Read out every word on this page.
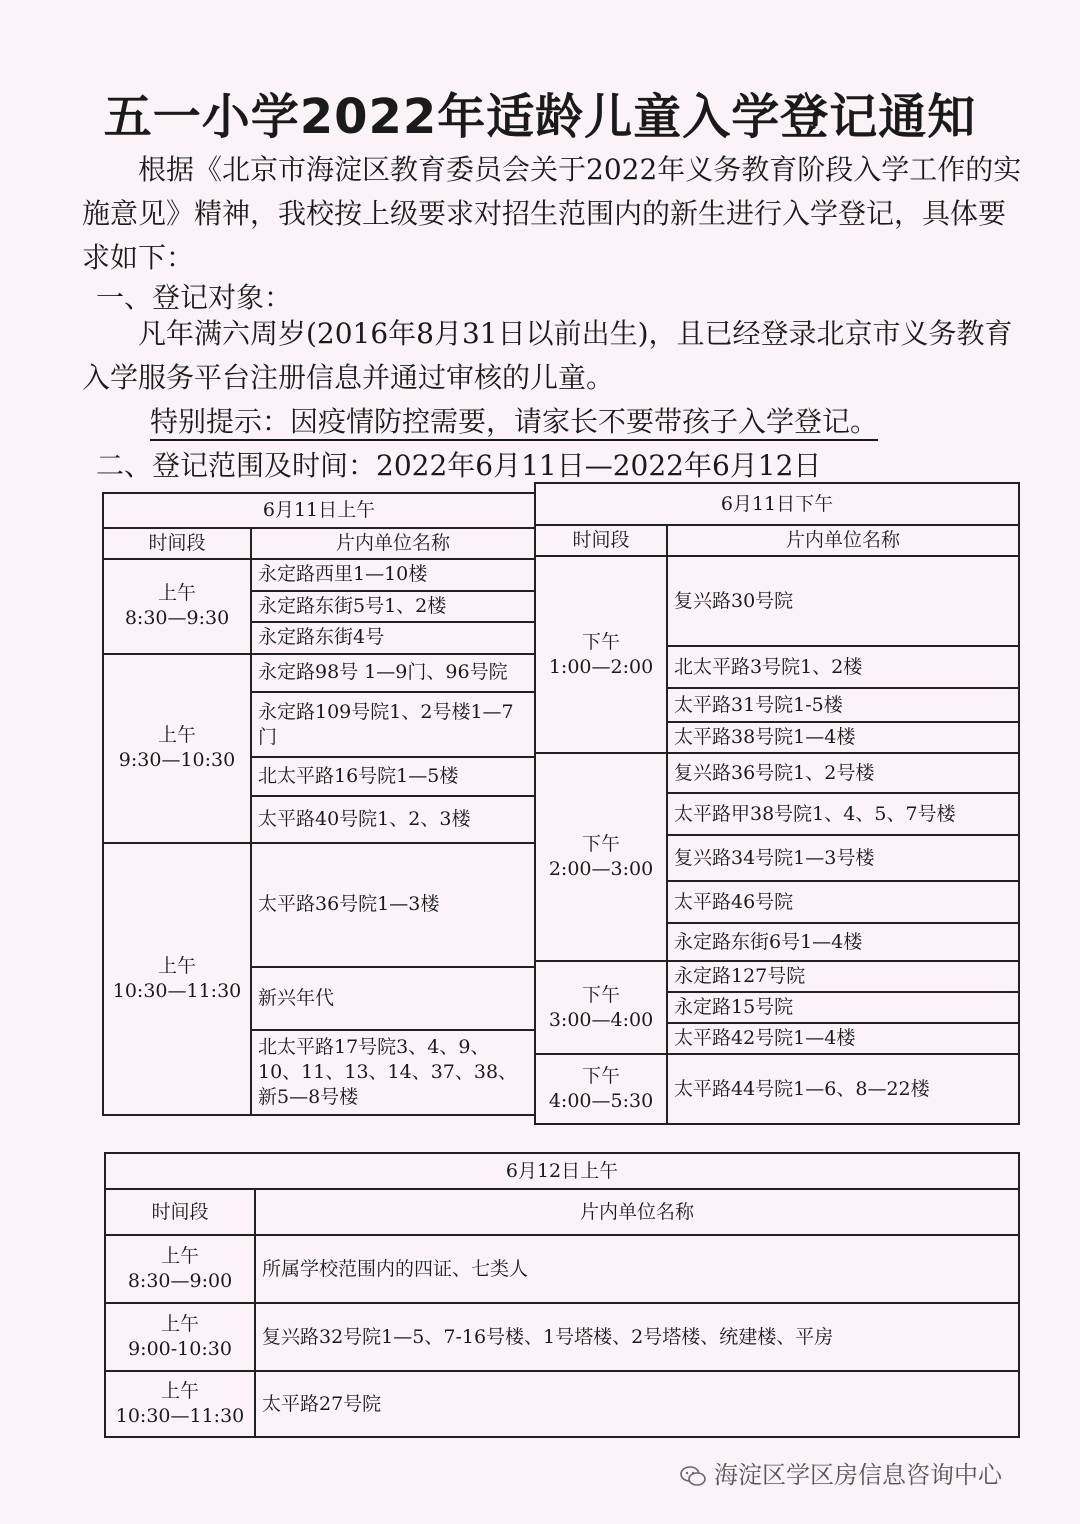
五一小学2022年适龄儿童入学登记通知
根据《北京市海淀区教育委员会关于2022年义务教育阶段入学工作的实施意见》精神，我校按上级要求对招生范围内的新生进行入学登记，具体要求如下：
一、登记对象：
凡年满六周岁(2016年8月31日以前出生)，且已经登录北京市义务教育入学服务平台注册信息并通过审核的儿童。
特别提示：因疫情防控需要，请家长不要带孩子入学登记。
二、登记范围及时间：2022年6月11日—2022年6月12日
6月11日上午	
时间段	片内单位名称

上午
8:30—9:30	永定路西里1—10楼
	永定路东街5号1、2楼
	永定路东街4号

上午
9:30—10:30	永定路98号 1—9门、96号院
	永定路109号院1、2号楼1—7门
	北太平路16号院1—5楼
	太平路40号院1、2、3楼

上午
10:30—11:30	太平路36号院1—3楼
	新兴年代
	北太平路17号院3、4、9、10、11、13、14、37、38、新5—8号楼
6月11日下午	
时间段	片内单位名称

下午
1:00—2:00	复兴路30号院
	北太平路3号院1、2楼
	太平路31号院1-5楼
	太平路38号院1—4楼

下午
2:00—3:00	复兴路36号院1、2号楼
	太平路甲38号院1、4、5、7号楼
	复兴路34号院1—3号楼
	太平路46号院
	永定路东街6号1—4楼

下午
3:00—4:00	永定路127号院
	永定路15号院
	太平路42号院1—4楼

下午
4:00—5:30	太平路44号院1—6、8—22楼
6月12日上午	
时间段	片内单位名称

上午
8:30—9:00	所属学校范围内的四证、七类人

上午
9:00-10:30	复兴路32号院1—5、7-16号楼、1号塔楼、2号塔楼、统建楼、平房

上午
10:30—11:30	太平路27号院
海淀区学区房信息咨询中心
